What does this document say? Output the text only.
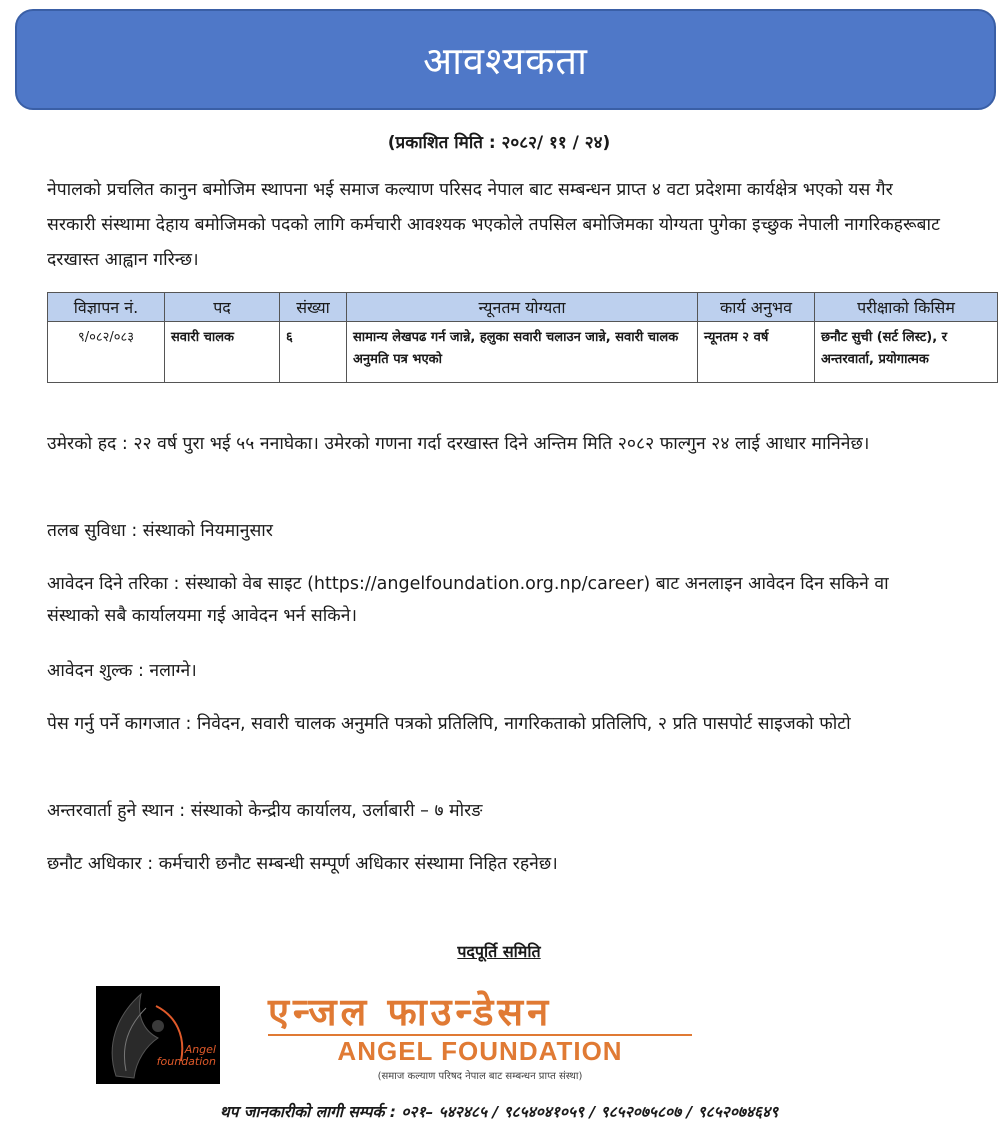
आवश्यकता
(प्रकाशित मिति : २०८२/ ११ / २४)
नेपालको प्रचलित कानुन बमोजिम स्थापना भई समाज कल्याण परिसद नेपाल बाट सम्बन्धन प्राप्त ४ वटा प्रदेशमा कार्यक्षेत्र भएको यस गैर सरकारी संस्थामा देहाय बमोजिमको पदको लागि कर्मचारी आवश्यक भएकोले तपसिल बमोजिमका योग्यता पुगेका इच्छुक नेपाली नागरिकहरूबाट दरखास्त आह्वान गरिन्छ।
विज्ञापन नं.	पद	संख्या	न्यूनतम योग्यता	कार्य अनुभव	परीक्षाको किसिम
९/०८२/०८३	सवारी चालक	६	सामान्य लेखपढ गर्न जान्ने, हलुका सवारी चलाउन जान्ने, सवारी चालक अनुमति पत्र भएको	न्यूनतम २ वर्ष	छनौट सुची (सर्ट लिस्ट), र अन्तरवार्ता, प्रयोगात्मक
उमेरको हद : २२ वर्ष पुरा भई ५५ ननाघेका। उमेरको गणना गर्दा दरखास्त दिने अन्तिम मिति २०८२ फाल्गुन २४ लाई आधार मानिनेछ।
तलब सुविधा : संस्थाको नियमानुसार
आवेदन दिने तरिका : संस्थाको वेब साइट (https://angelfoundation.org.np/career) बाट अनलाइन आवेदन दिन सकिने वा संस्थाको सबै कार्यालयमा गई आवेदन भर्न सकिने।
आवेदन शुल्क : नलाग्ने।
पेस गर्नु पर्ने कागजात : निवेदन, सवारी चालक अनुमति पत्रको प्रतिलिपि, नागरिकताको प्रतिलिपि, २ प्रति पासपोर्ट साइजको फोटो
अन्तरवार्ता हुने स्थान : संस्थाको केन्द्रीय कार्यालय, उर्लाबारी – ७ मोरङ
छनौट अधिकार : कर्मचारी छनौट सम्बन्धी सम्पूर्ण अधिकार संस्थामा निहित रहनेछ।
पदपूर्ति समिति
Angel
foundation
एन्जल फाउन्डेसन
ANGEL FOUNDATION
(समाज कल्याण परिषद नेपाल बाट सम्बन्धन प्राप्त संस्था)
थप जानकारीको लागी सम्पर्क : ०२१– ५४२४८५ / ९८५४०४१०५९ / ९८५२०७५८०७ / ९८५२०७४६४९
